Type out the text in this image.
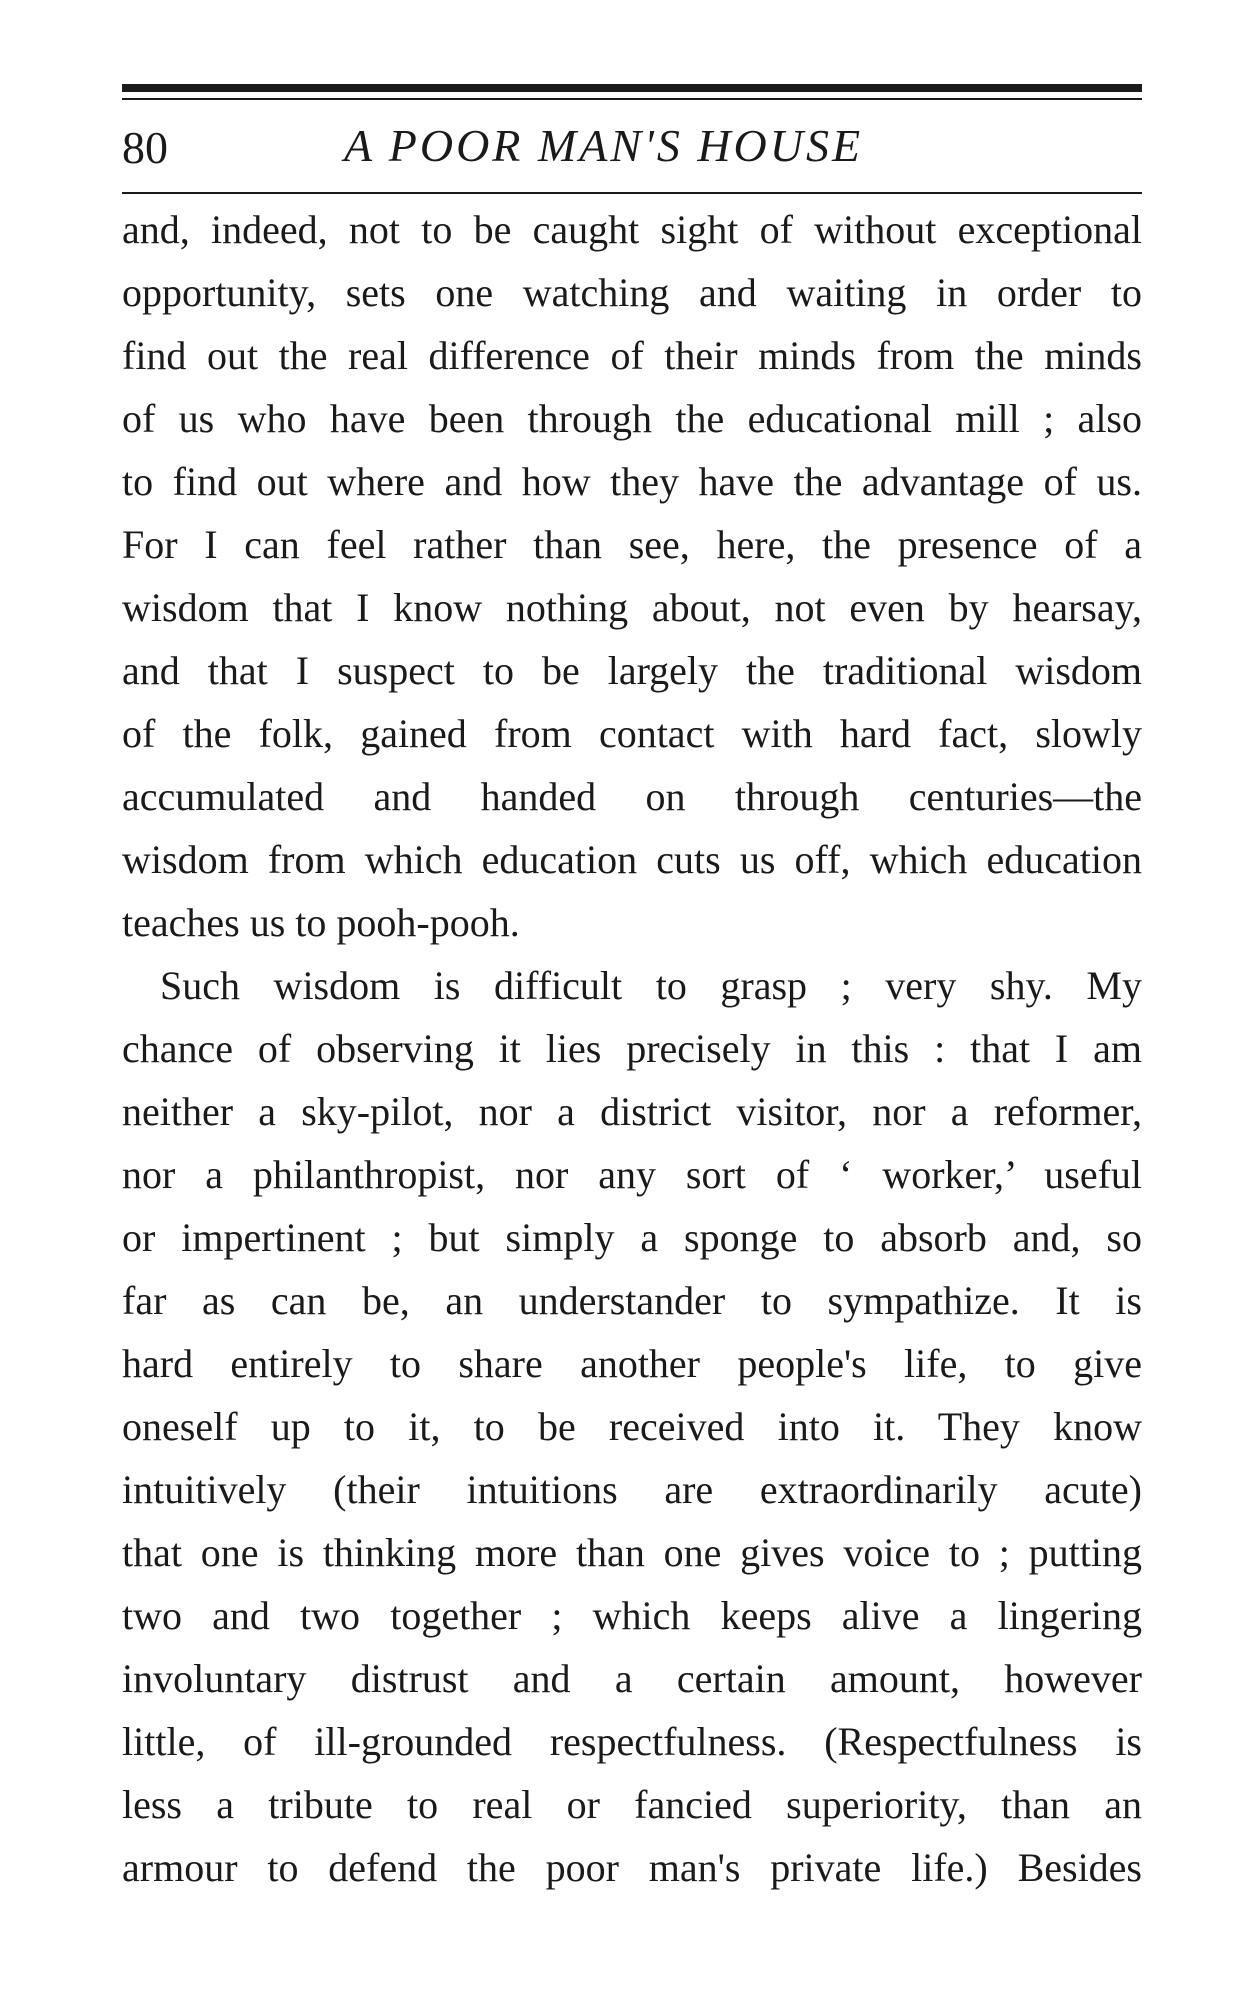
80	A POOR MAN'S HOUSE
and, indeed, not to be caught sight of without exceptional
opportunity, sets one watching and waiting in order to
find out the real difference of their minds from the minds
of us who have been through the educational mill ; also
to find out where and how they have the advantage of us.
For I can feel rather than see, here, the presence of a
wisdom that I know nothing about, not even by hearsay,
and that I suspect to be largely the traditional wisdom
of the folk, gained from contact with hard fact, slowly
accumulated and handed on through centuries—the
wisdom from which education cuts us off, which education
teaches us to pooh-pooh.
Such wisdom is difficult to grasp ; very shy. My
chance of observing it lies precisely in this : that I am
neither a sky-pilot, nor a district visitor, nor a reformer,
nor a philanthropist, nor any sort of ‘ worker,’ useful
or impertinent ; but simply a sponge to absorb and, so
far as can be, an understander to sympathize. It is
hard entirely to share another people's life, to give
oneself up to it, to be received into it. They know
intuitively (their intuitions are extraordinarily acute)
that one is thinking more than one gives voice to ; putting
two and two together ; which keeps alive a lingering
involuntary distrust and a certain amount, however
little, of ill-grounded respectfulness. (Respectfulness is
less a tribute to real or fancied superiority, than an
armour to defend the poor man's private life.) Besides
